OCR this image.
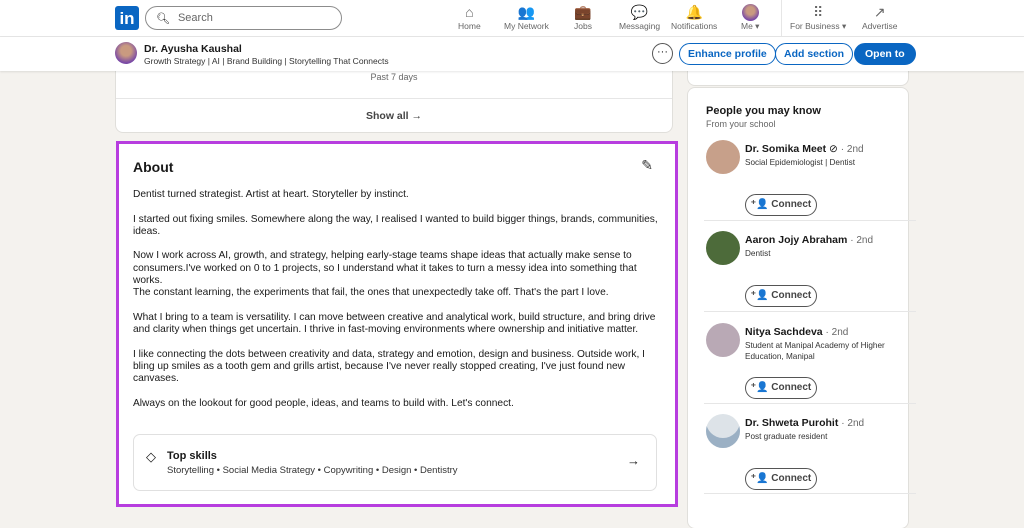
in	🔍︎ Search	⌂
Home
👥
My Network
💼
Jobs
💬
Messaging
🔔
Notifications	Me ▾
⠿
For Business ▾
↗
Advertise
Dr. Ayusha Kaushal
Growth Strategy | AI | Brand Building | Storytelling That Connects
···	Enhance profile	Add section	Open to
Past 7 days
Show all →
About	✎

Dentist turned strategist. Artist at heart. Storyteller by instinct.

I started out fixing smiles. Somewhere along the way, I realised I wanted to build bigger things, brands, communities, ideas.

Now I work across AI, growth, and strategy, helping early-stage teams shape ideas that actually make sense to consumers.I've worked on 0 to 1 projects, so I understand what it takes to turn a messy idea into something that works.
The constant learning, the experiments that fail, the ones that unexpectedly take off. That's the part I love.

What I bring to a team is versatility. I can move between creative and analytical work, build structure, and bring drive and clarity when things get uncertain. I thrive in fast-moving environments where ownership and initiative matter.

I like connecting the dots between creativity and data, strategy and emotion, design and business. Outside work, I bling up smiles as a tooth gem and grills artist, because I've never really stopped creating, I've just found new canvases.

Always on the lookout for good people, ideas, and teams to build with. Let's connect.

◇ Top skills
Storytelling • Social Media Strategy • Copywriting • Design • Dentistry
→
People you may know
From your school
Dr. Somika Meet ⊘ · 2nd
Social Epidemiologist | Dentist
⁺👤 Connect
Aaron Jojy Abraham · 2nd
Dentist
⁺👤 Connect
Nitya Sachdeva · 2nd
Student at Manipal Academy of Higher Education, Manipal
⁺👤 Connect
Dr. Shweta Purohit · 2nd
Post graduate resident
⁺👤 Connect
